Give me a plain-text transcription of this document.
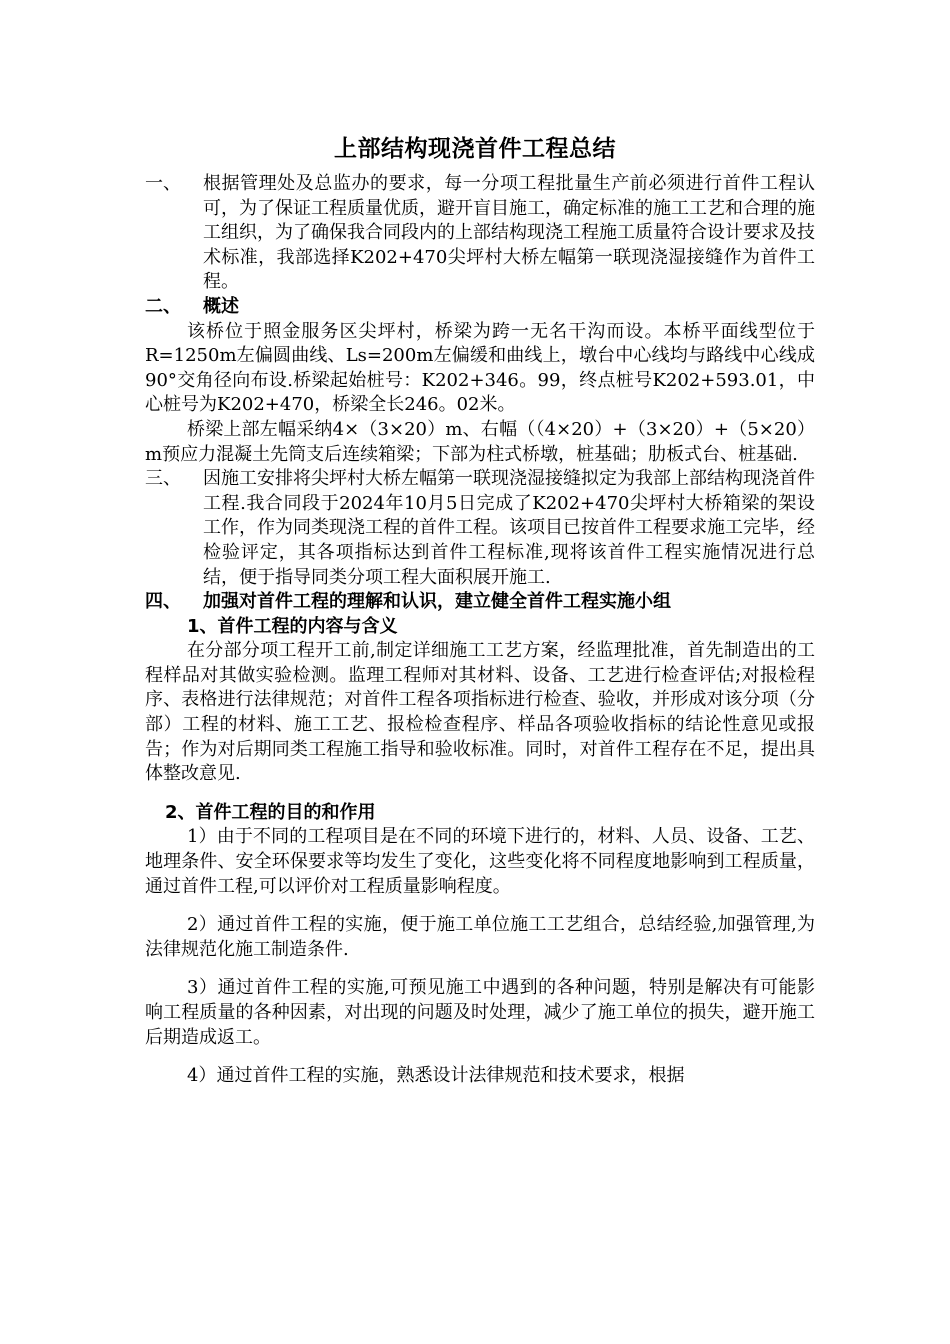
上部结构现浇首件工程总结

一、 根据管理处及总监办的要求，每一分项工程批量生产前必须进行首件工程认可，为了保证工程质量优质，避开盲目施工，确定标准的施工工艺和合理的施工组织，为了确保我合同段内的上部结构现浇工程施工质量符合设计要求及技术标准，我部选择K202+470尖坪村大桥左幅第一联现浇湿接缝作为首件工程。

二、 概述

该桥位于照金服务区尖坪村，桥梁为跨一无名干沟而设。本桥平面线型位于R=1250m左偏圆曲线、Ls=200m左偏缓和曲线上，墩台中心线均与路线中心线成90°交角径向布设.桥梁起始桩号：K202+346。99，终点桩号K202+593.01，中心桩号为K202+470，桥梁全长246。02米。

桥梁上部左幅采纳4×（3×20）m、右幅（（4×20）+（3×20）+（5×20）m预应力混凝土先筒支后连续箱梁；下部为柱式桥墩，桩基础；肋板式台、桩基础.

三、 因施工安排将尖坪村大桥左幅第一联现浇湿接缝拟定为我部上部结构现浇首件工程.我合同段于2024年10月5日完成了K202+470尖坪村大桥箱梁的架设工作，作为同类现浇工程的首件工程。该项目已按首件工程要求施工完毕，经检验评定，其各项指标达到首件工程标准,现将该首件工程实施情况进行总结，便于指导同类分项工程大面积展开施工.

四、 加强对首件工程的理解和认识，建立健全首件工程实施小组

1、首件工程的内容与含义

在分部分项工程开工前,制定详细施工工艺方案，经监理批准，首先制造出的工程样品对其做实验检测。监理工程师对其材料、设备、工艺进行检查评估;对报检程序、表格进行法律规范；对首件工程各项指标进行检查、验收，并形成对该分项（分部）工程的材料、施工工艺、报检检查程序、样品各项验收指标的结论性意见或报告；作为对后期同类工程施工指导和验收标准。同时，对首件工程存在不足，提出具体整改意见.

2、首件工程的目的和作用

1）由于不同的工程项目是在不同的环境下进行的，材料、人员、设备、工艺、地理条件、安全环保要求等均发生了变化，这些变化将不同程度地影响到工程质量，通过首件工程,可以评价对工程质量影响程度。

2）通过首件工程的实施，便于施工单位施工工艺组合，总结经验,加强管理,为法律规范化施工制造条件.

3）通过首件工程的实施,可预见施工中遇到的各种问题，特别是解决有可能影响工程质量的各种因素，对出现的问题及时处理，减少了施工单位的损失，避开施工后期造成返工。

4）通过首件工程的实施，熟悉设计法律规范和技术要求，根据
